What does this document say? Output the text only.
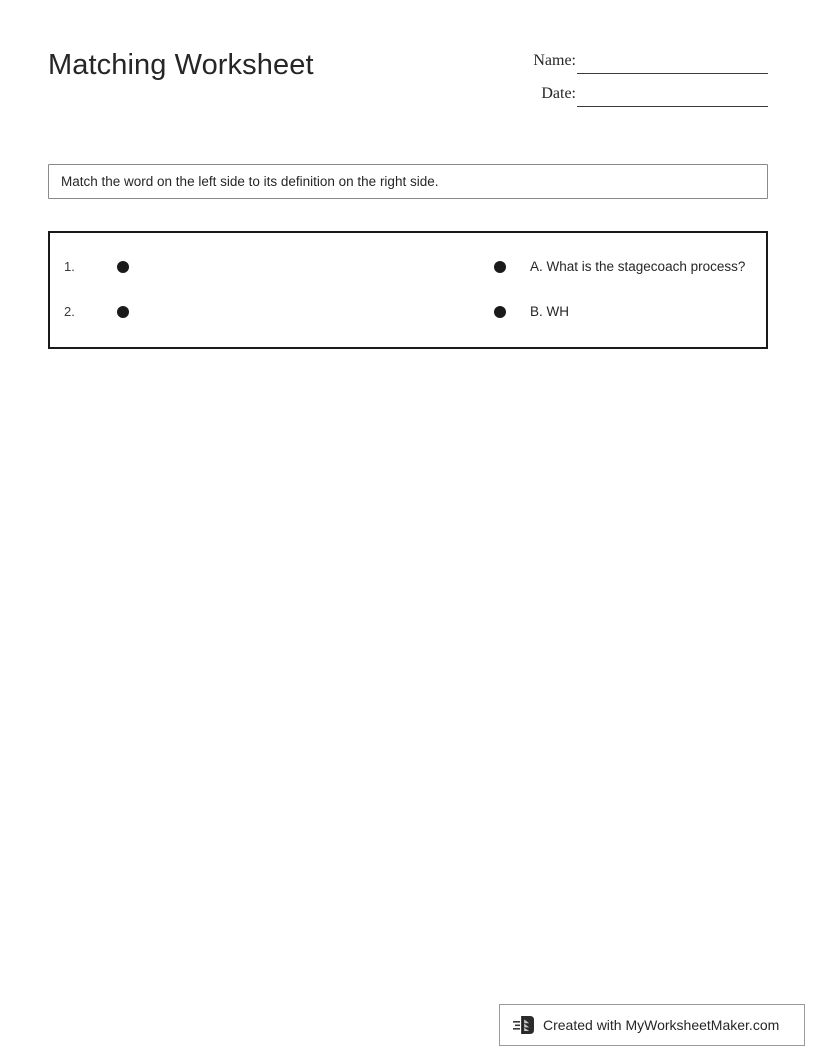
Matching Worksheet	Name:
Date:
Match the word on the left side to its definition on the right side.
1.
2.
A. What is the stagecoach process?
B. WH
Created with MyWorksheetMaker.com
